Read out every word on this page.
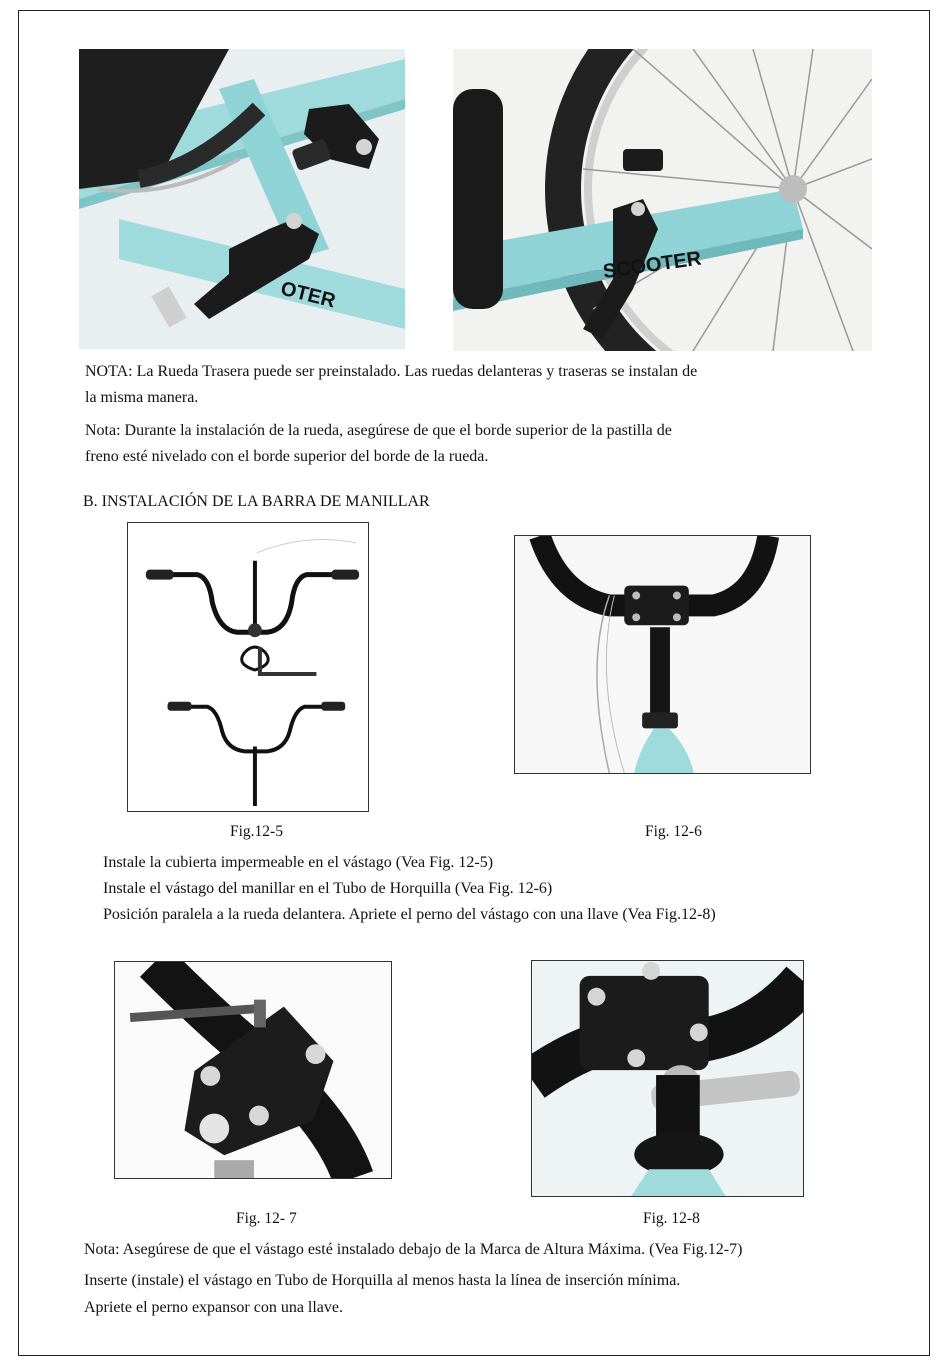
OTER
SCOOTER
NOTA: La Rueda Trasera puede ser preinstalado. Las ruedas delanteras y traseras se instalan de
la misma manera.
Nota: Durante la instalación de la rueda, asegúrese de que el borde superior de la pastilla de
freno esté nivelado con el borde superior del borde de la rueda.
B. INSTALACIÓN DE LA BARRA DE MANILLAR
Fig.12-5	Fig. 12-6
Instale la cubierta impermeable en el vástago (Vea Fig. 12-5)
Instale el vástago del manillar en el Tubo de Horquilla (Vea Fig. 12-6)
Posición paralela a la rueda delantera. Apriete el perno del vástago con una llave (Vea Fig.12-8)
Fig. 12- 7	Fig. 12-8
Nota: Asegúrese de que el vástago esté instalado debajo de la Marca de Altura Máxima. (Vea Fig.12-7)
Inserte (instale) el vástago en Tubo de Horquilla al menos hasta la línea de inserción mínima.
Apriete el perno expansor con una llave.
